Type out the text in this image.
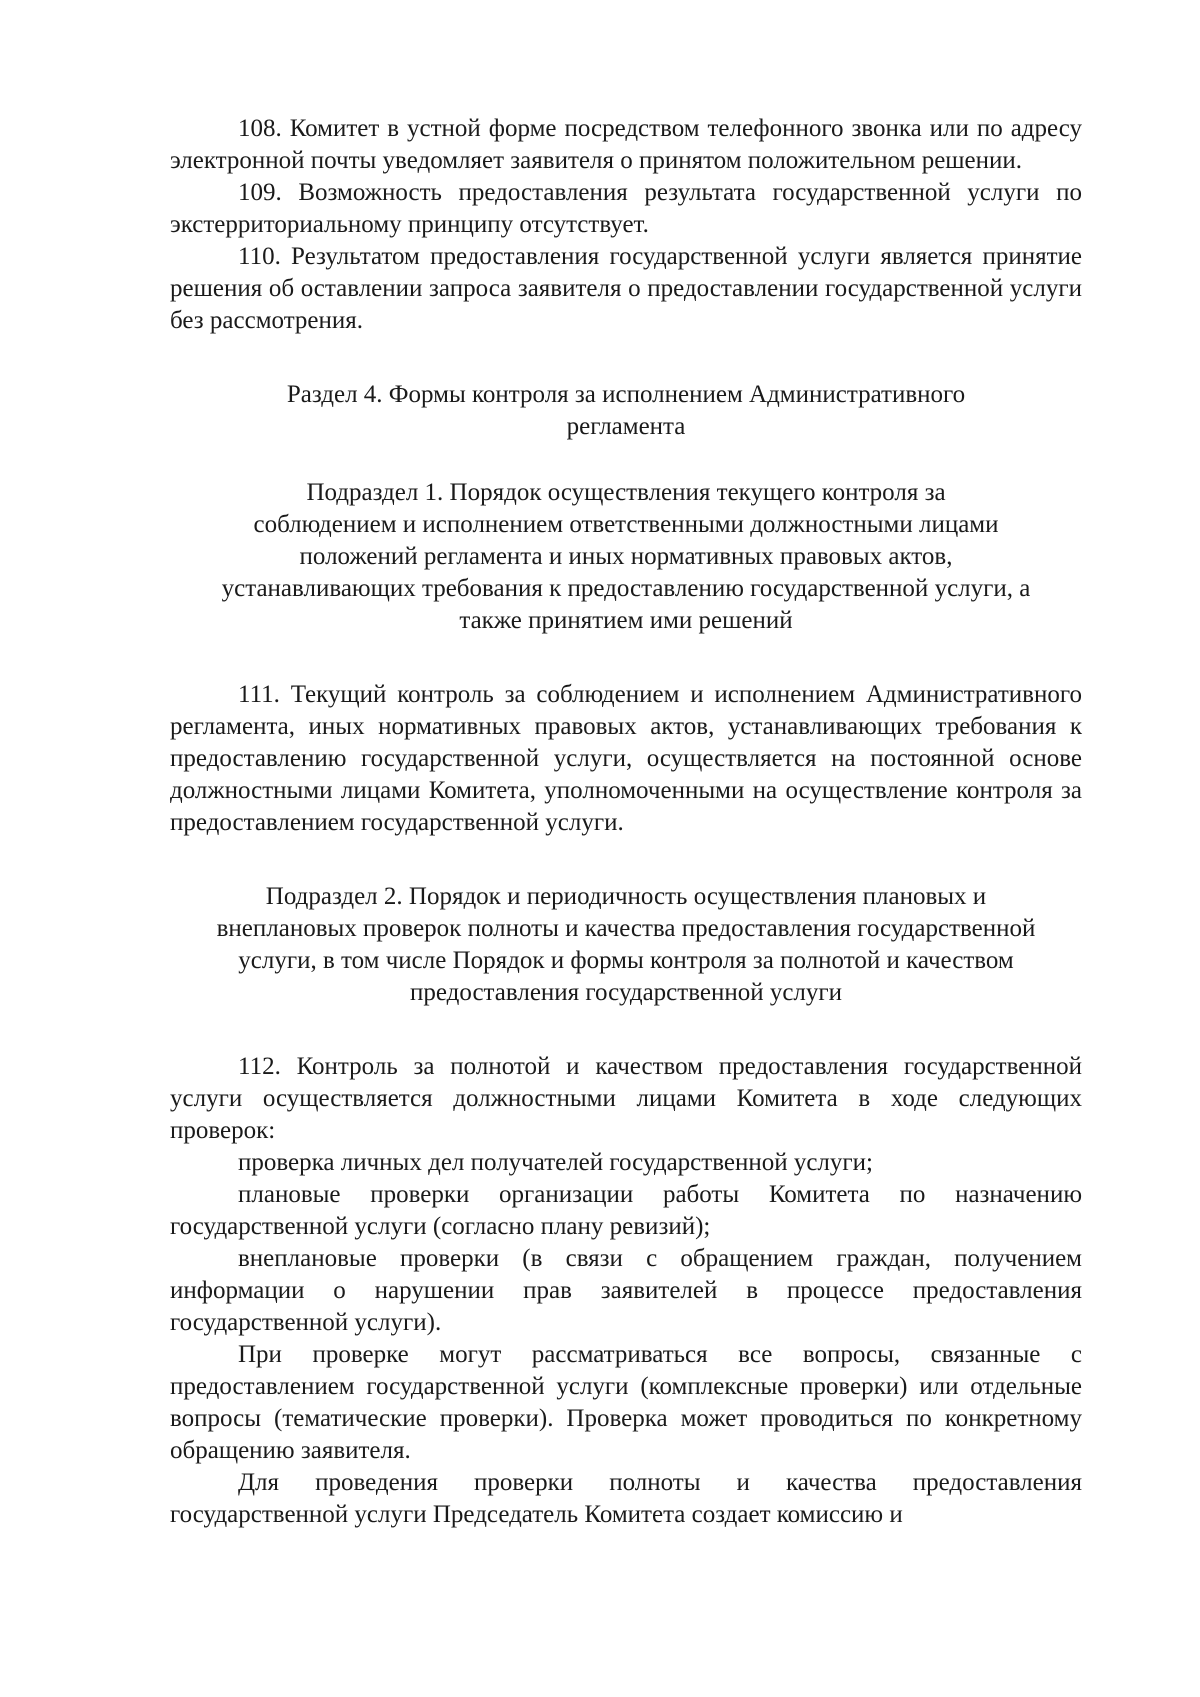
108. Комитет в устной форме посредством телефонного звонка или по адресу электронной почты уведомляет заявителя о принятом положительном решении.

109. Возможность предоставления результата государственной услуги по экстерриториальному принципу отсутствует.

110. Результатом предоставления государственной услуги является принятие решения об оставлении запроса заявителя о предоставлении государственной услуги без рассмотрения.

Раздел 4. Формы контроля за исполнением Административного

регламента

Подраздел 1. Порядок осуществления текущего контроля за

соблюдением и исполнением ответственными должностными лицами

положений регламента и иных нормативных правовых актов,

устанавливающих требования к предоставлению государственной услуги, а

также принятием ими решений

111. Текущий контроль за соблюдением и исполнением Административного регламента, иных нормативных правовых актов, устанавливающих требования к предоставлению государственной услуги, осуществляется на постоянной основе должностными лицами Комитета, уполномоченными на осуществление контроля за предоставлением государственной услуги.

Подраздел 2. Порядок и периодичность осуществления плановых и

внеплановых проверок полноты и качества предоставления государственной

услуги, в том числе Порядок и формы контроля за полнотой и качеством

предоставления государственной услуги

112. Контроль за полнотой и качеством предоставления государственной услуги осуществляется должностными лицами Комитета в ходе следующих проверок:

проверка личных дел получателей государственной услуги;

плановые проверки организации работы Комитета по назначению государственной услуги (согласно плану ревизий);

внеплановые проверки (в связи с обращением граждан, получением информации о нарушении прав заявителей в процессе предоставления государственной услуги).

При проверке могут рассматриваться все вопросы, связанные с предоставлением государственной услуги (комплексные проверки) или отдельные вопросы (тематические проверки). Проверка может проводиться по конкретному обращению заявителя.

Для проведения проверки полноты и качества предоставления государственной услуги Председатель Комитета создает комиссию и
